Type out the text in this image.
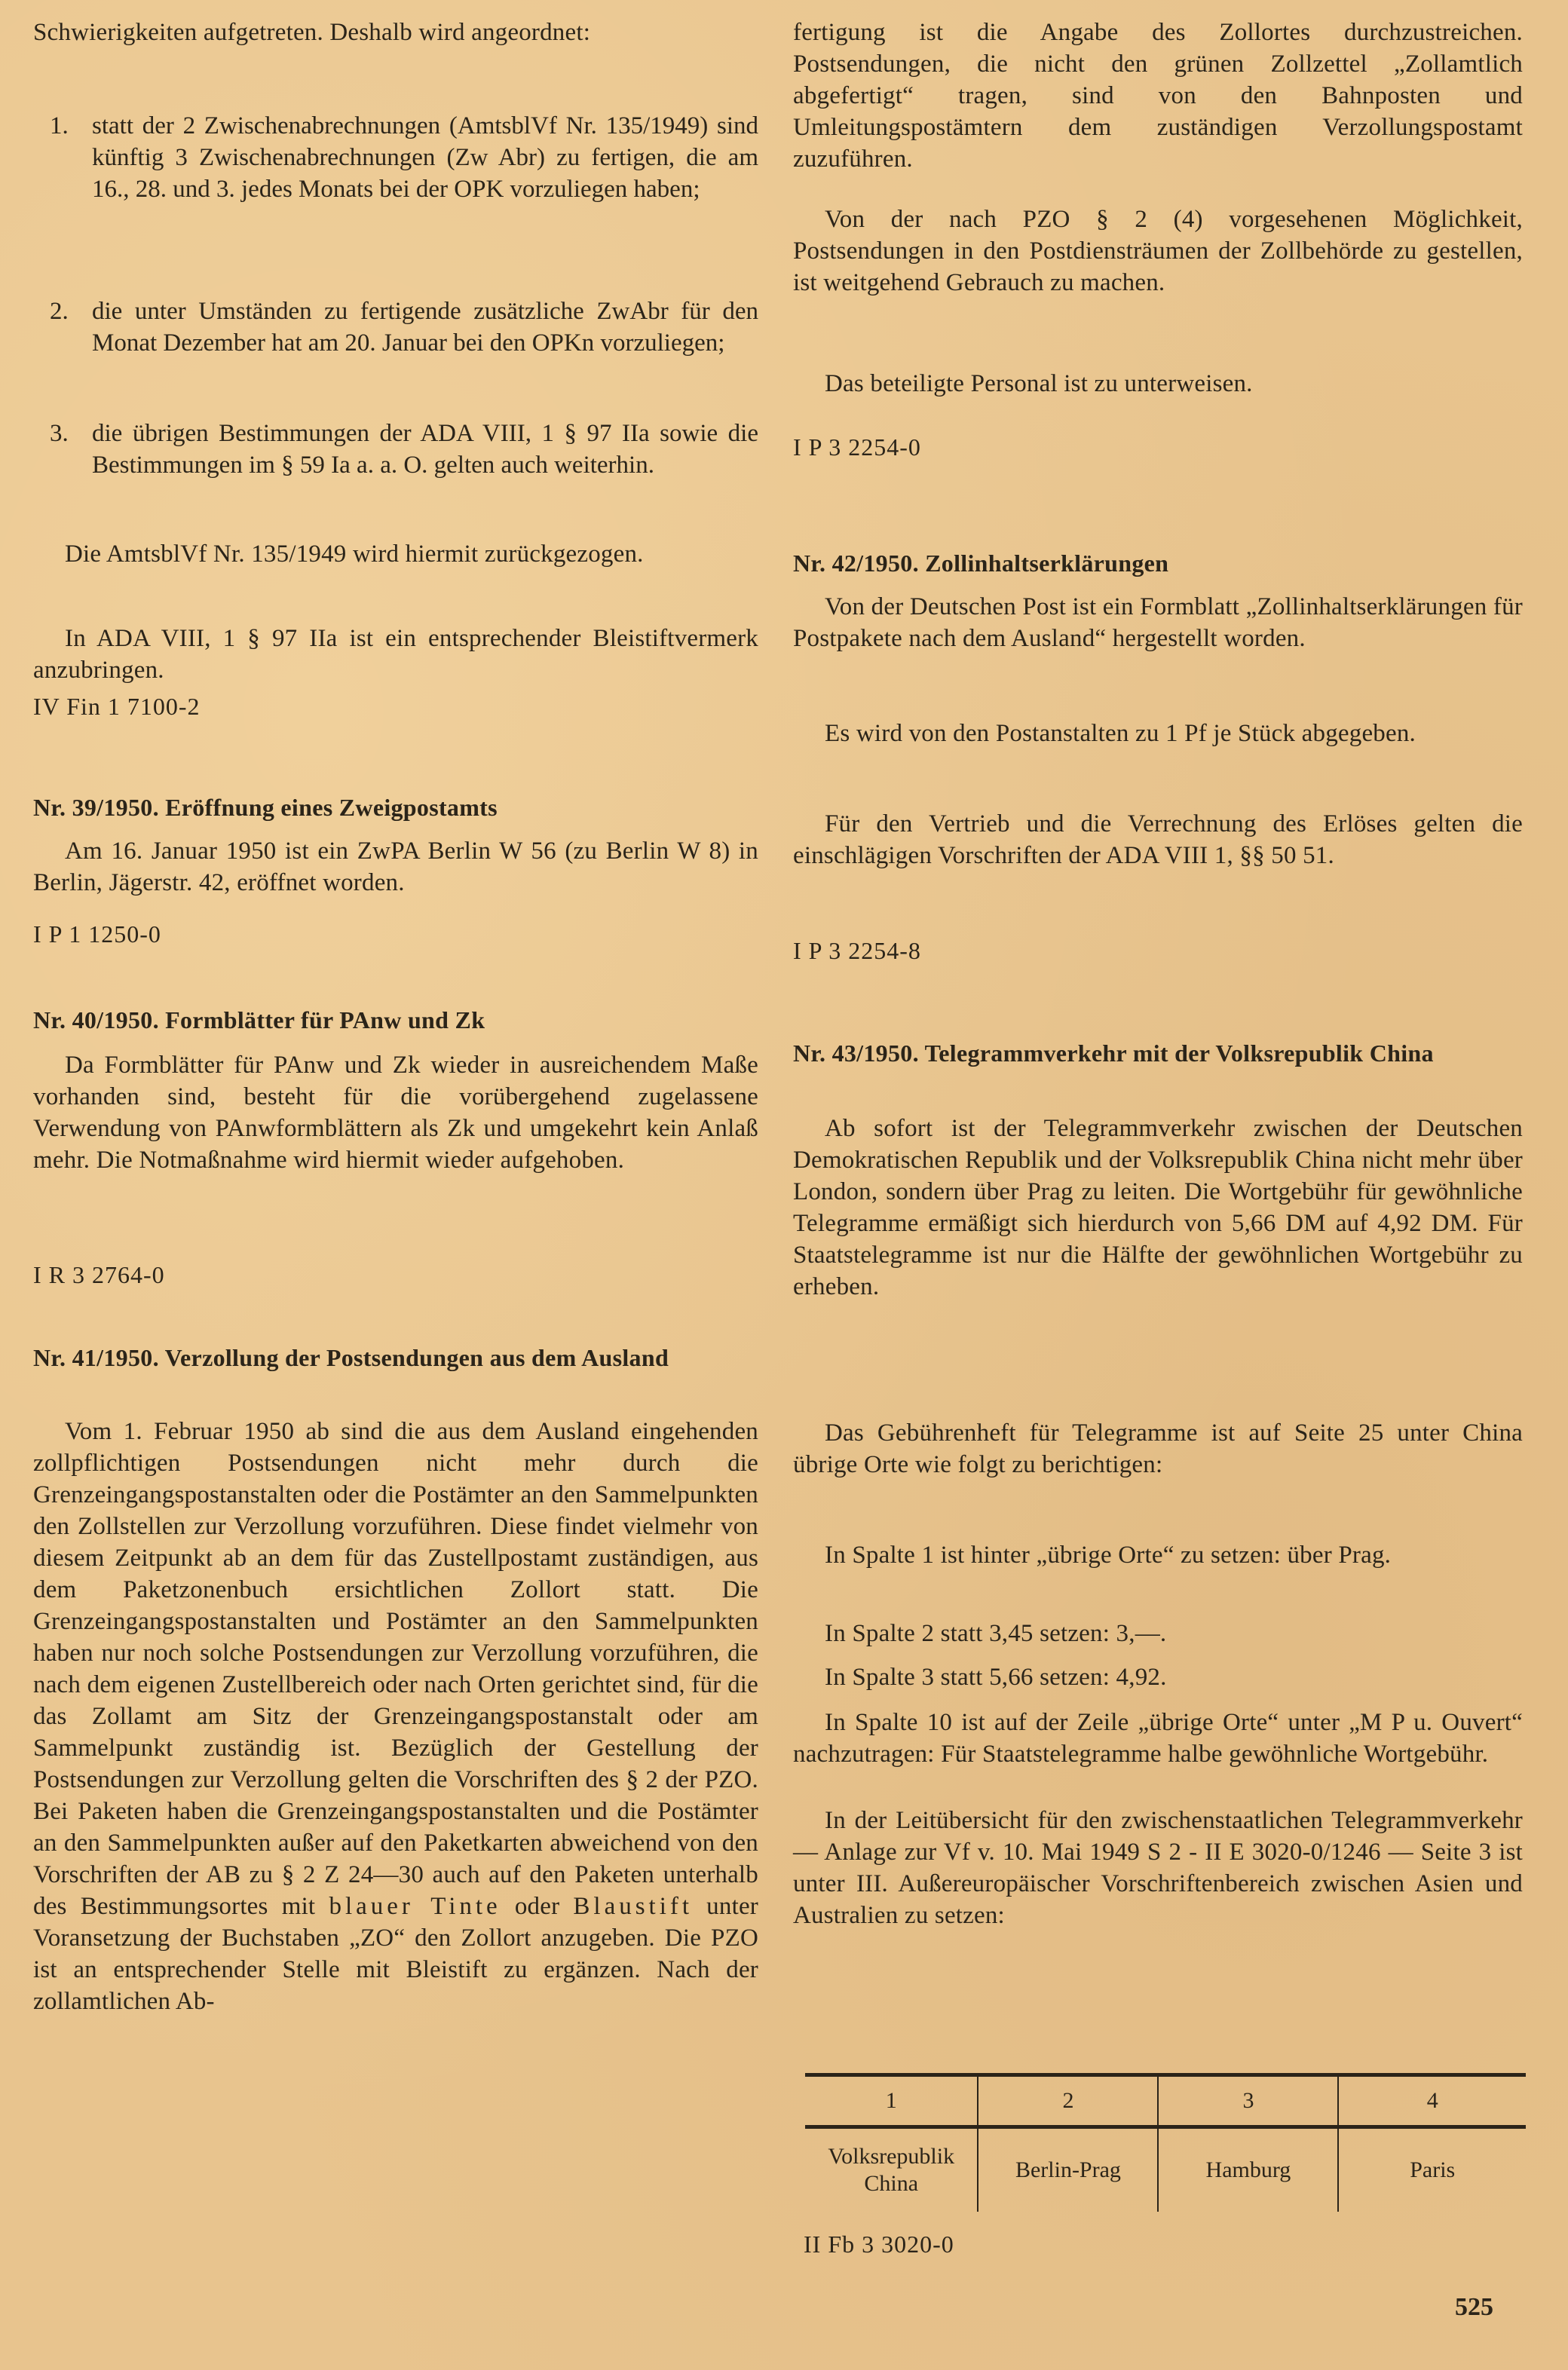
Schwierigkeiten aufgetreten. Deshalb wird angeordnet:
1. statt der 2 Zwischenabrechnungen (AmtsblVf Nr. 135/1949) sind künftig 3 Zwischenabrechnungen (Zw Abr) zu fertigen, die am 16., 28. und 3. jedes Monats bei der OPK vorzuliegen haben;
2. die unter Umständen zu fertigende zusätzliche ZwAbr für den Monat Dezember hat am 20. Januar bei den OPKn vorzuliegen;
3. die übrigen Bestimmungen der ADA VIII, 1 § 97 IIa sowie die Bestimmungen im § 59 Ia a. a. O. gelten auch weiterhin.
Die AmtsblVf Nr. 135/1949 wird hiermit zurückgezogen.
In ADA VIII, 1 § 97 IIa ist ein entsprechender Bleistiftvermerk anzubringen.
IV Fin 1 7100-2
Nr. 39/1950. Eröffnung eines Zweigpostamts
Am 16. Januar 1950 ist ein ZwPA Berlin W 56 (zu Berlin W 8) in Berlin, Jägerstr. 42, eröffnet worden.
I P 1 1250-0
Nr. 40/1950. Formblätter für PAnw und Zk
Da Formblätter für PAnw und Zk wieder in ausreichendem Maße vorhanden sind, besteht für die vorübergehend zugelassene Verwendung von PAnwformblättern als Zk und umgekehrt kein Anlaß mehr. Die Notmaßnahme wird hiermit wieder aufgehoben.
I R 3 2764-0
Nr. 41/1950. Verzollung der Postsendungen aus dem Ausland
Vom 1. Februar 1950 ab sind die aus dem Ausland eingehenden zollpflichtigen Postsendungen nicht mehr durch die Grenzeingangspostanstalten oder die Postämter an den Sammelpunkten den Zollstellen zur Verzollung vorzuführen. Diese findet vielmehr von diesem Zeitpunkt ab an dem für das Zustellpostamt zuständigen, aus dem Paketzonenbuch ersichtlichen Zollort statt. Die Grenzeingangspostanstalten und Postämter an den Sammelpunkten haben nur noch solche Postsendungen zur Verzollung vorzuführen, die nach dem eigenen Zustellbereich oder nach Orten gerichtet sind, für die das Zollamt am Sitz der Grenzeingangspostanstalt oder am Sammelpunkt zuständig ist. Bezüglich der Gestellung der Postsendungen zur Verzollung gelten die Vorschriften des § 2 der PZO. Bei Paketen haben die Grenzeingangspostanstalten und die Postämter an den Sammelpunkten außer auf den Paketkarten abweichend von den Vorschriften der AB zu § 2 Z 24—30 auch auf den Paketen unterhalb des Bestimmungsortes mit blauer Tinte oder Blaustift unter Voransetzung der Buchstaben „ZO“ den Zollort anzugeben. Die PZO ist an entsprechender Stelle mit Bleistift zu ergänzen. Nach der zollamtlichen Ab-
fertigung ist die Angabe des Zollortes durchzustreichen. Postsendungen, die nicht den grünen Zollzettel „Zollamtlich abgefertigt“ tragen, sind von den Bahnposten und Umleitungspostämtern dem zuständigen Verzollungspostamt zuzuführen.
Von der nach PZO § 2 (4) vorgesehenen Möglichkeit, Postsendungen in den Postdiensträumen der Zollbehörde zu gestellen, ist weitgehend Gebrauch zu machen.
Das beteiligte Personal ist zu unterweisen.
I P 3 2254-0
Nr. 42/1950. Zollinhaltserklärungen
Von der Deutschen Post ist ein Formblatt „Zollinhaltserklärungen für Postpakete nach dem Ausland“ hergestellt worden.
Es wird von den Postanstalten zu 1 Pf je Stück abgegeben.
Für den Vertrieb und die Verrechnung des Erlöses gelten die einschlägigen Vorschriften der ADA VIII 1, §§ 50 51.
I P 3 2254-8
Nr. 43/1950. Telegrammverkehr mit der Volksrepublik China
Ab sofort ist der Telegrammverkehr zwischen der Deutschen Demokratischen Republik und der Volksrepublik China nicht mehr über London, sondern über Prag zu leiten. Die Wortgebühr für gewöhnliche Telegramme ermäßigt sich hierdurch von 5,66 DM auf 4,92 DM. Für Staatstelegramme ist nur die Hälfte der gewöhnlichen Wortgebühr zu erheben.
Das Gebührenheft für Telegramme ist auf Seite 25 unter China übrige Orte wie folgt zu berichtigen:
In Spalte 1 ist hinter „übrige Orte“ zu setzen: über Prag.
In Spalte 2 statt 3,45 setzen: 3,—.
In Spalte 3 statt 5,66 setzen: 4,92.
In Spalte 10 ist auf der Zeile „übrige Orte“ unter „M P u. Ouvert“ nachzutragen: Für Staatstelegramme halbe gewöhnliche Wortgebühr.
In der Leitübersicht für den zwischenstaatlichen Telegrammverkehr — Anlage zur Vf v. 10. Mai 1949 S 2 - II E 3020-0/1246 — Seite 3 ist unter III. Außereuropäischer Vorschriftenbereich zwischen Asien und Australien zu setzen:
1	2	3	4
Volksrepublik China	Berlin-Prag	Hamburg	Paris
II Fb 3 3020-0
525
